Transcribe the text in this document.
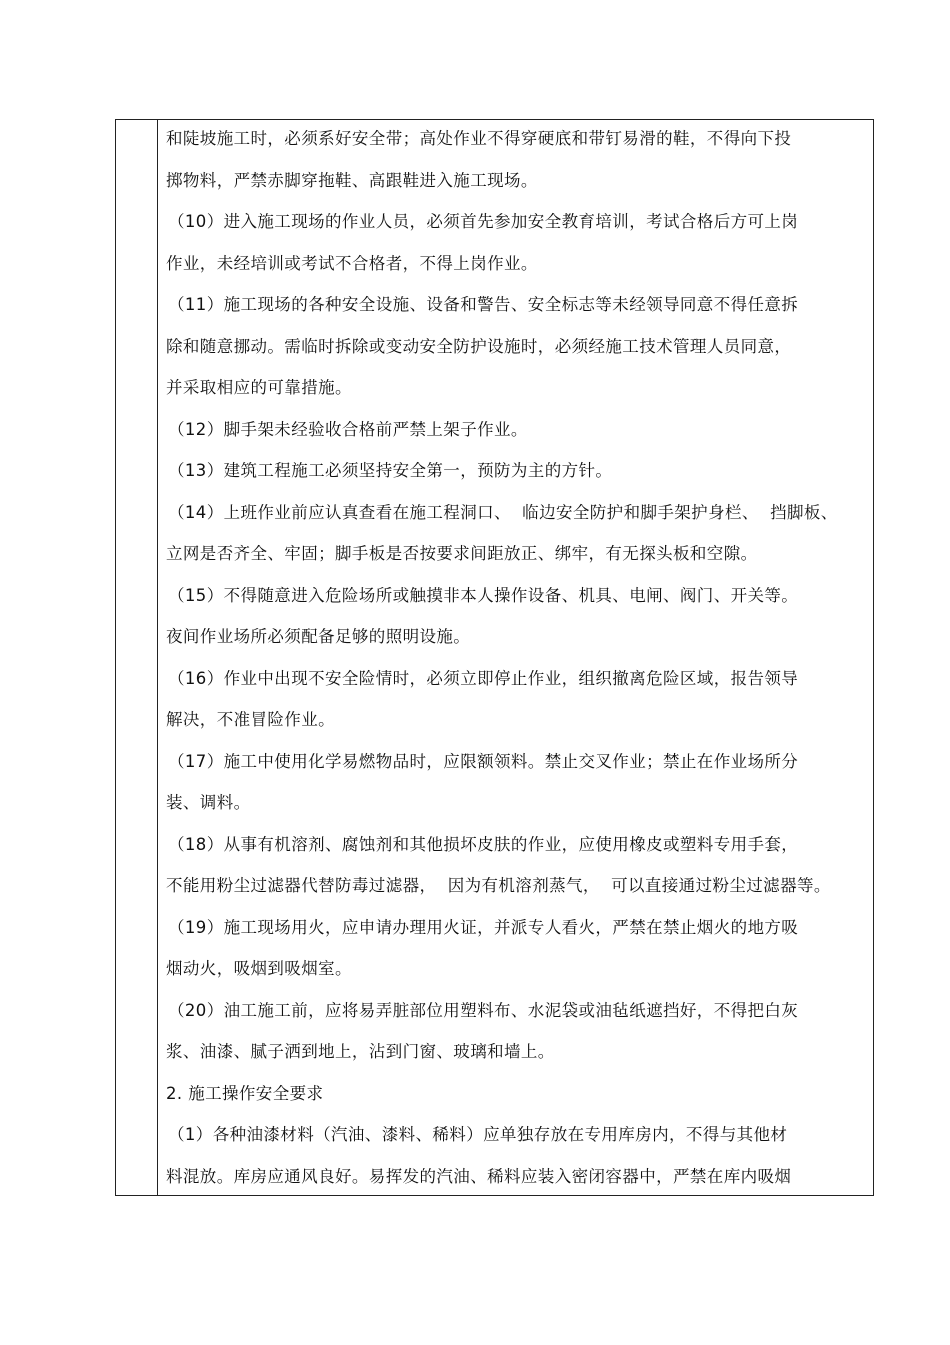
和陡坡施工时，必须系好安全带；高处作业不得穿硬底和带钉易滑的鞋，不得向下投
掷物料，严禁赤脚穿拖鞋、高跟鞋进入施工现场。
（10）进入施工现场的作业人员，必须首先参加安全教育培训，考试合格后方可上岗
作业，未经培训或考试不合格者，不得上岗作业。
（11）施工现场的各种安全设施、设备和警告、安全标志等未经领导同意不得任意拆
除和随意挪动。需临时拆除或变动安全防护设施时，必须经施工技术管理人员同意，
并采取相应的可靠措施。
（12）脚手架未经验收合格前严禁上架子作业。
（13）建筑工程施工必须坚持安全第一，预防为主的方针。
（14）上班作业前应认真查看在施工程洞口、  临边安全防护和脚手架护身栏、  挡脚板、
立网是否齐全、牢固；脚手板是否按要求间距放正、绑牢，有无探头板和空隙。
（15）不得随意进入危险场所或触摸非本人操作设备、机具、电闸、阀门、开关等。
夜间作业场所必须配备足够的照明设施。
（16）作业中出现不安全险情时，必须立即停止作业，组织撤离危险区域，报告领导
解决，不准冒险作业。
（17）施工中使用化学易燃物品时，应限额领料。禁止交叉作业；禁止在作业场所分
装、调料。
（18）从事有机溶剂、腐蚀剂和其他损坏皮肤的作业，应使用橡皮或塑料专用手套，
不能用粉尘过滤器代替防毒过滤器，  因为有机溶剂蒸气，  可以直接通过粉尘过滤器等。
（19）施工现场用火，应申请办理用火证，并派专人看火，严禁在禁止烟火的地方吸
烟动火，吸烟到吸烟室。
（20）油工施工前，应将易弄脏部位用塑料布、水泥袋或油毡纸遮挡好，不得把白灰
浆、油漆、腻子洒到地上，沾到门窗、玻璃和墙上。
2. 施工操作安全要求
（1）各种油漆材料（汽油、漆料、稀料）应单独存放在专用库房内，不得与其他材
料混放。库房应通风良好。易挥发的汽油、稀料应装入密闭容器中，严禁在库内吸烟
